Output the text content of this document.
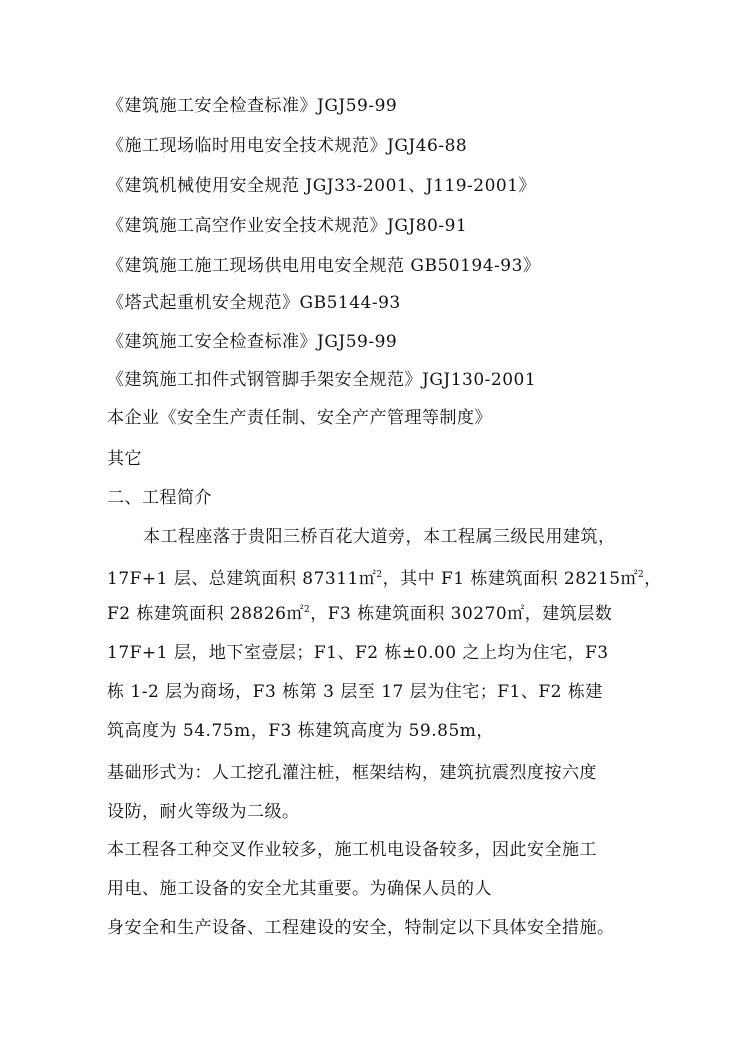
《建筑施工安全检查标准》JGJ59-99
《施工现场临时用电安全技术规范》JGJ46-88
《建筑机械使用安全规范 JGJ33-2001、J119-2001》
《建筑施工高空作业安全技术规范》JGJ80-91
《建筑施工施工现场供电用电安全规范 GB50194-93》
《塔式起重机安全规范》GB5144-93
《建筑施工安全检查标准》JGJ59-99
《建筑施工扣件式钢管脚手架安全规范》JGJ130-2001
本企业《安全生产责任制、安全产产管理等制度》
其它
二、工程简介
本工程座落于贵阳三桥百花大道旁，本工程属三级民用建筑，
17F+1 层、总建筑面积 87311㎡$^2$，其中 F1 栋建筑面积 28215㎡$^2$，
F2 栋建筑面积 28826㎡$^2$，F3 栋建筑面积 30270㎡，建筑层数
17F+1 层，地下室壹层；F1、F2 栋±0.00 之上均为住宅，F3
栋 1-2 层为商场，F3 栋第 3 层至 17 层为住宅；F1、F2 栋建
筑高度为 54.75m，F3 栋建筑高度为 59.85m，
基础形式为：人工挖孔灌注桩，框架结构，建筑抗震烈度按六度
设防，耐火等级为二级。
本工程各工种交叉作业较多，施工机电设备较多，因此安全施工
用电、施工设备的安全尤其重要。为确保人员的人
身安全和生产设备、工程建设的安全，特制定以下具体安全措施。
